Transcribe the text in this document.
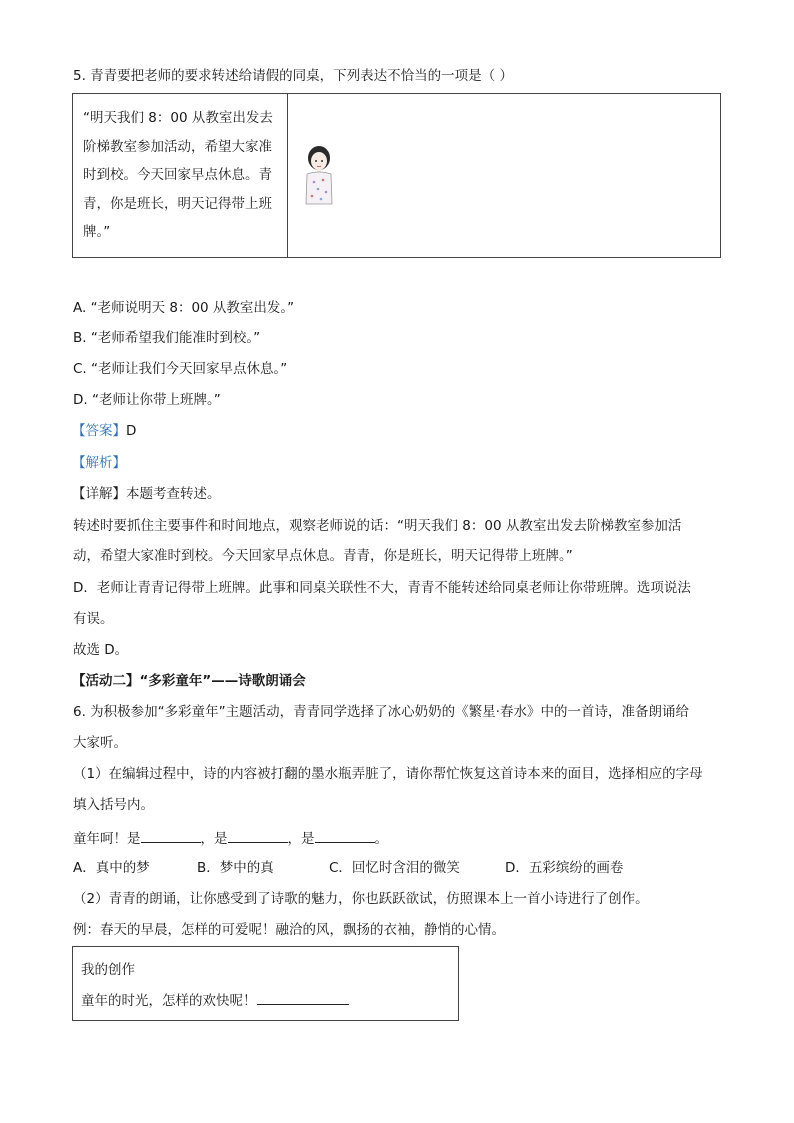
5. 青青要把老师的要求转述给请假的同桌，下列表达不恰当的一项是（ ）
“明天我们 8：00 从教室出发去
阶梯教室参加活动，希望大家准
时到校。今天回家早点休息。青
青，你是班长，明天记得带上班
牌。”
A. “老师说明天 8：00 从教室出发。”
B. “老师希望我们能准时到校。”
C. “老师让我们今天回家早点休息。”
D. “老师让你带上班牌。”
【答案】D
【解析】
【详解】本题考查转述。
转述时要抓住主要事件和时间地点，观察老师说的话：“明天我们 8：00 从教室出发去阶梯教室参加活
动，希望大家准时到校。今天回家早点休息。青青，你是班长，明天记得带上班牌。”
D．老师让青青记得带上班牌。此事和同桌关联性不大，青青不能转述给同桌老师让你带班牌。选项说法
有误。
故选 D。
【活动二】“多彩童年”——诗歌朗诵会
6. 为积极参加“多彩童年”主题活动，青青同学选择了冰心奶奶的《繁星·春水》中的一首诗，准备朗诵给
大家听。
（1）在编辑过程中，诗的内容被打翻的墨水瓶弄脏了，请你帮忙恢复这首诗本来的面目，选择相应的字母
填入括号内。
童年呵！是	，是	，是	。
A．真中的梦	B．梦中的真	C．回忆时含泪的微笑	D．五彩缤纷的画卷
（2）青青的朗诵，让你感受到了诗歌的魅力，你也跃跃欲试，仿照课本上一首小诗进行了创作。
例：春天的早晨，怎样的可爱呢！融洽的风，飘扬的衣袖，静悄的心情。
我的创作
童年的时光，怎样的欢快呢！
